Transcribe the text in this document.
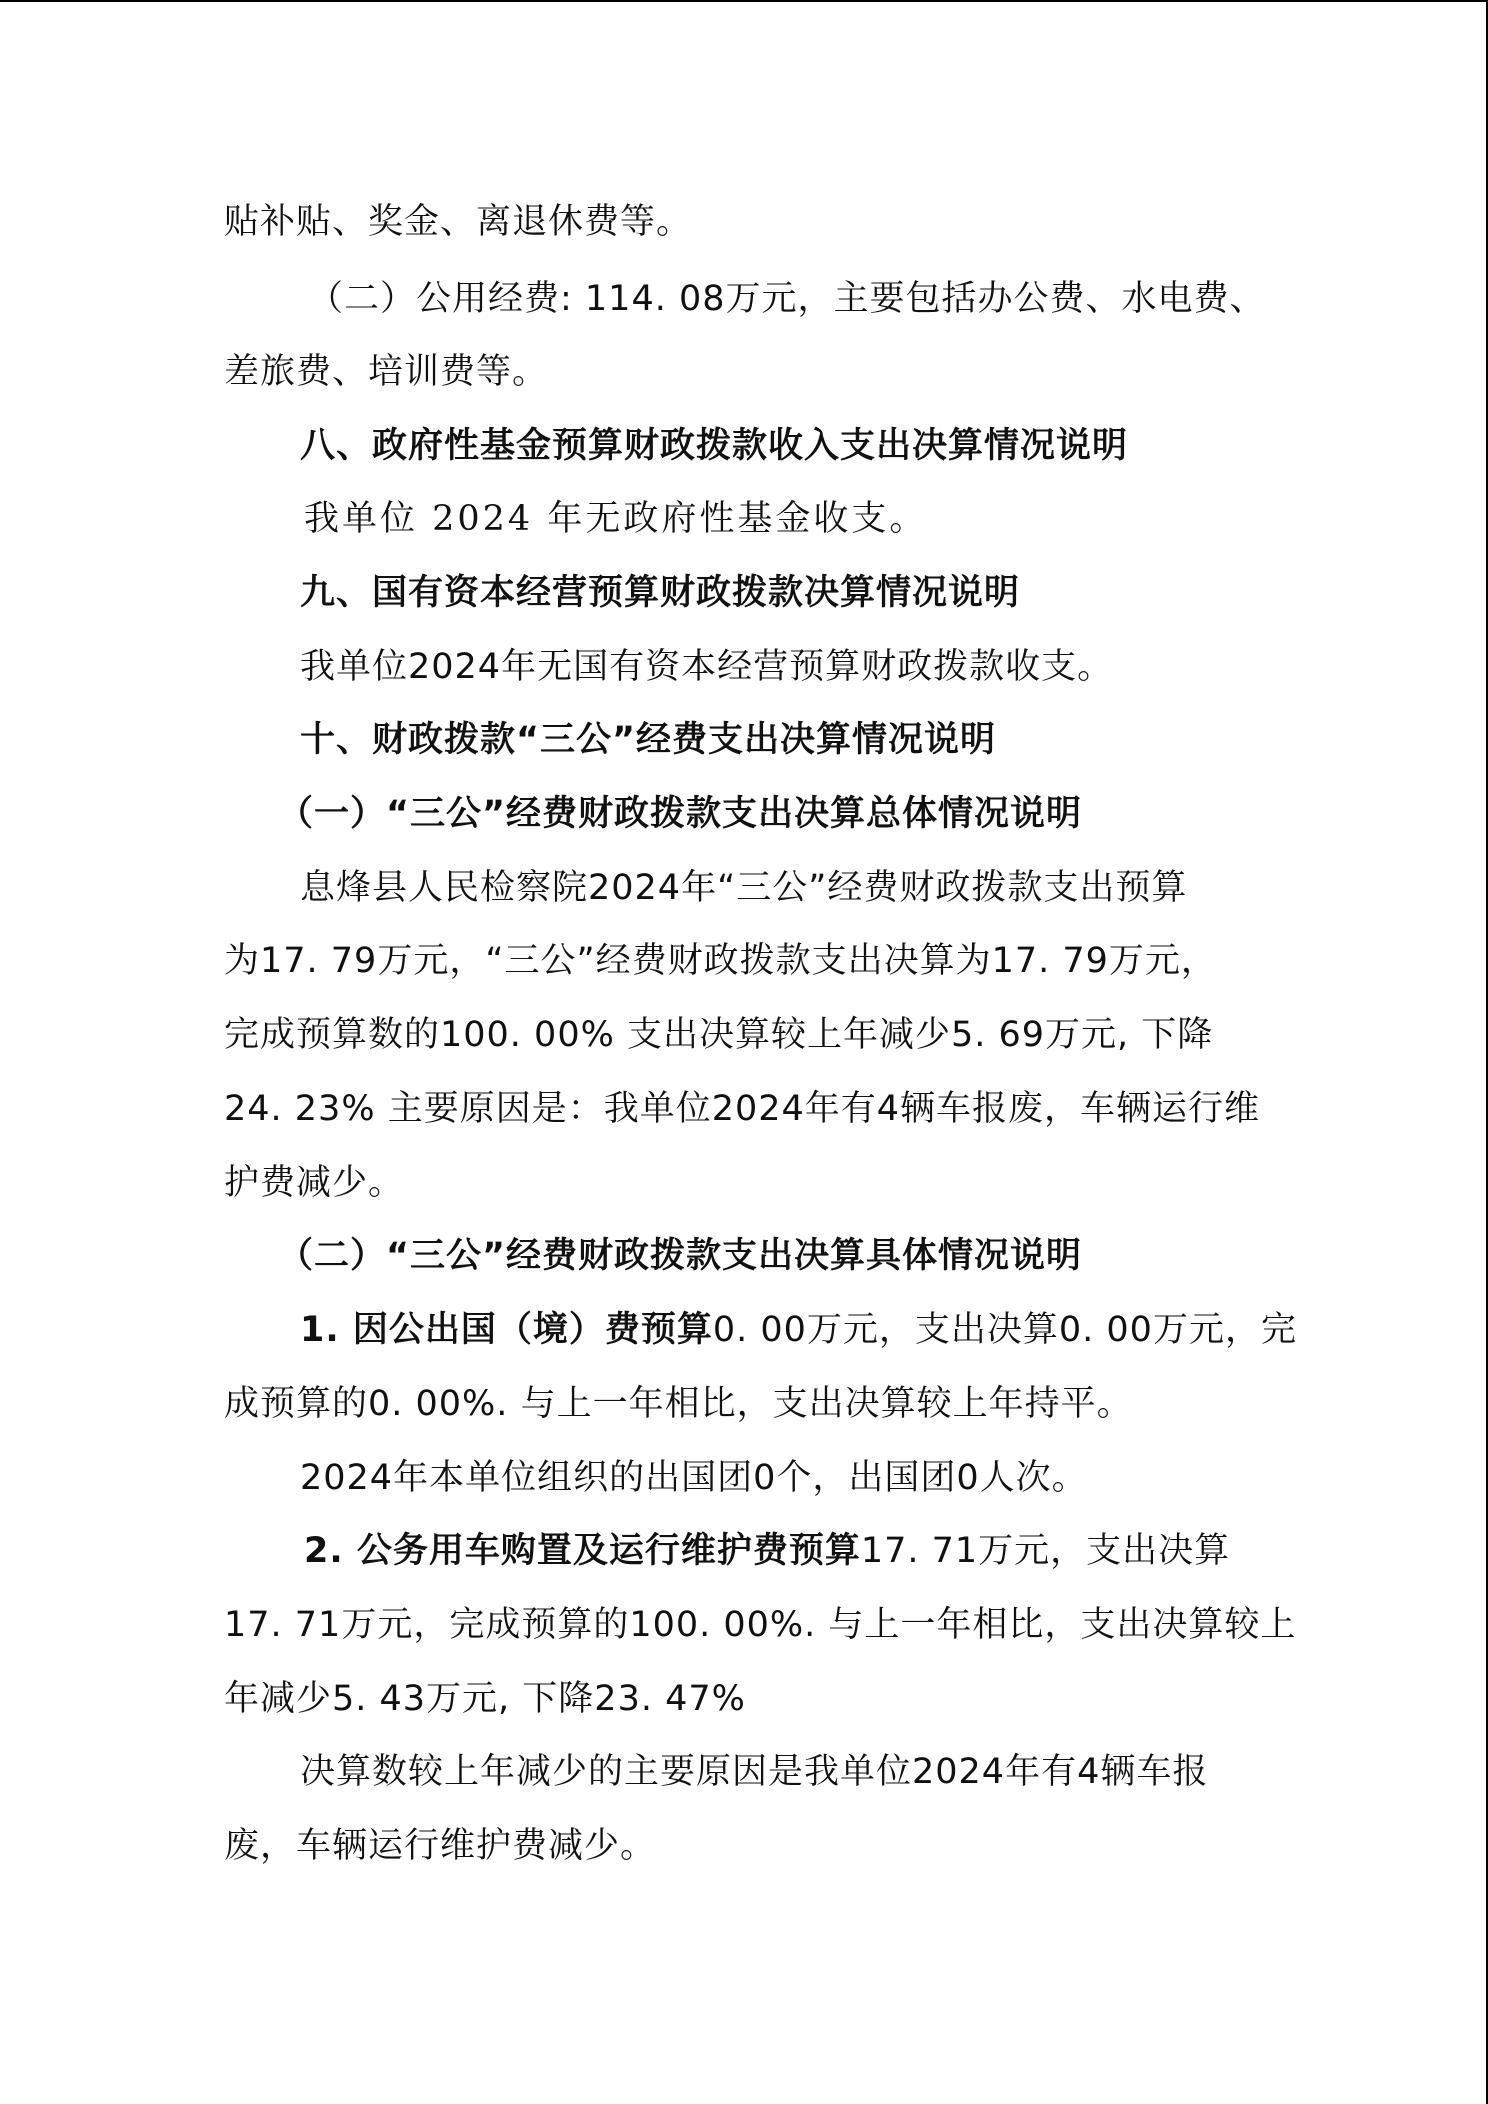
贴补贴、奖金、离退休费等。
（二）公用经费: 114. 08万元，主要包括办公费、水电费、
差旅费、培训费等。
八、政府性基金预算财政拨款收入支出决算情况说明
我单位 2024 年无政府性基金收支。
九、国有资本经营预算财政拨款决算情况说明
我单位2024年无国有资本经营预算财政拨款收支。
十、财政拨款“三公”经费支出决算情况说明
（一）“三公”经费财政拨款支出决算总体情况说明
息烽县人民检察院2024年“三公”经费财政拨款支出预算
为17. 79万元，“三公”经费财政拨款支出决算为17. 79万元，
完成预算数的100. 00% 支出决算较上年减少5. 69万元, 下降
24. 23% 主要原因是：我单位2024年有4辆车报废，车辆运行维
护费减少。
（二）“三公”经费财政拨款支出决算具体情况说明
1. 因公出国（境）费预算0. 00万元，支出决算0. 00万元，完
成预算的0. 00%. 与上一年相比，支出决算较上年持平。
2024年本单位组织的出国团0个，出国团0人次。
2. 公务用车购置及运行维护费预算17. 71万元，支出决算
17. 71万元，完成预算的100. 00%. 与上一年相比，支出决算较上
年减少5. 43万元, 下降23. 47%
决算数较上年减少的主要原因是我单位2024年有4辆车报
废，车辆运行维护费减少。
